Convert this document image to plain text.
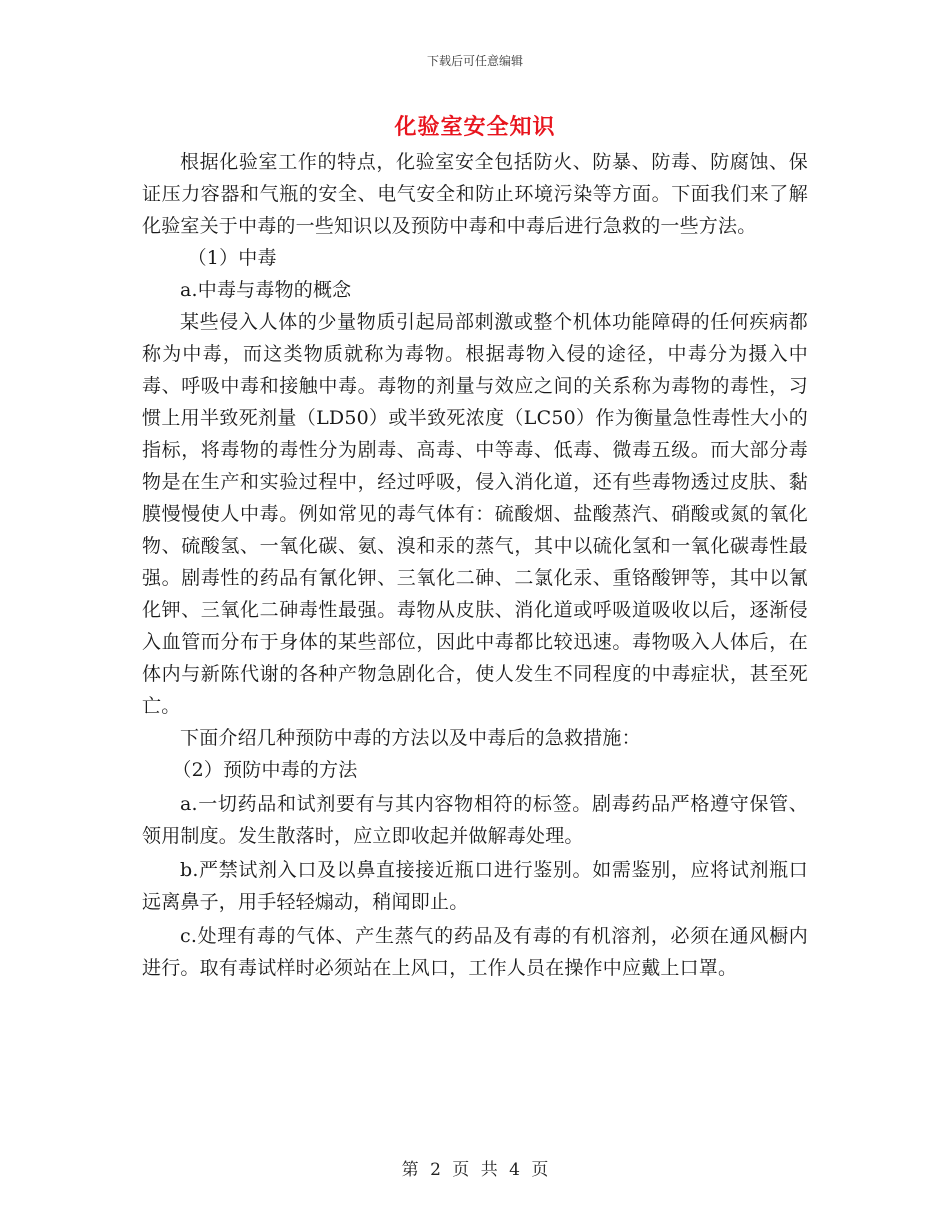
下载后可任意编辑
化验室安全知识

根据化验室工作的特点，化验室安全包括防火、防暴、防毒、防腐蚀、保证压力容器和气瓶的安全、电气安全和防止环境污染等方面。下面我们来了解化验室关于中毒的一些知识以及预防中毒和中毒后进行急救的一些方法。

（1）中毒

a.中毒与毒物的概念

某些侵入人体的少量物质引起局部刺激或整个机体功能障碍的任何疾病都称为中毒，而这类物质就称为毒物。根据毒物入侵的途径，中毒分为摄入中毒、呼吸中毒和接触中毒。毒物的剂量与效应之间的关系称为毒物的毒性，习惯上用半致死剂量（LD50）或半致死浓度（LC50）作为衡量急性毒性大小的指标，将毒物的毒性分为剧毒、高毒、中等毒、低毒、微毒五级。而大部分毒物是在生产和实验过程中，经过呼吸，侵入消化道，还有些毒物透过皮肤、黏膜慢慢使人中毒。例如常见的毒气体有：硫酸烟、盐酸蒸汽、硝酸或氮的氧化物、硫酸氢、一氧化碳、氨、溴和汞的蒸气，其中以硫化氢和一氧化碳毒性最强。剧毒性的药品有氰化钾、三氧化二砷、二氯化汞、重铬酸钾等，其中以氰化钾、三氧化二砷毒性最强。毒物从皮肤、消化道或呼吸道吸收以后，逐渐侵入血管而分布于身体的某些部位，因此中毒都比较迅速。毒物吸入人体后，在体内与新陈代谢的各种产物急剧化合，使人发生不同程度的中毒症状，甚至死亡。

下面介绍几种预防中毒的方法以及中毒后的急救措施：

（2）预防中毒的方法

a.一切药品和试剂要有与其内容物相符的标签。剧毒药品严格遵守保管、领用制度。发生散落时，应立即收起并做解毒处理。

b.严禁试剂入口及以鼻直接接近瓶口进行鉴别。如需鉴别，应将试剂瓶口远离鼻子，用手轻轻煽动，稍闻即止。

c.处理有毒的气体、产生蒸气的药品及有毒的有机溶剂，必须在通风橱内进行。取有毒试样时必须站在上风口，工作人员在操作中应戴上口罩。

第 2 页 共 4 页
